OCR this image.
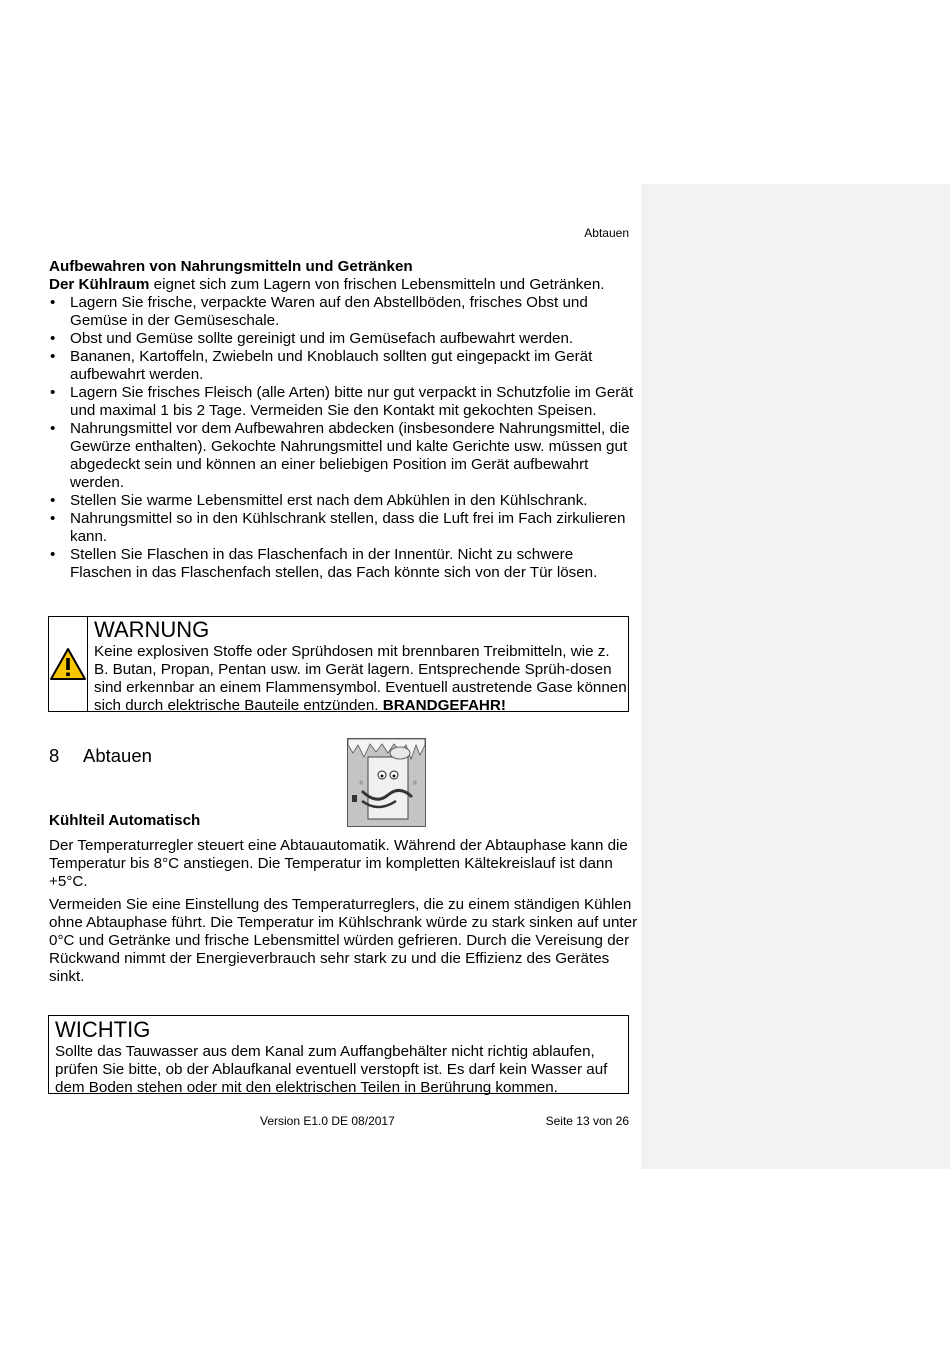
Abtauen

Aufbewahren von Nahrungsmitteln und Getränken

Der Kühlraum eignet sich zum Lagern von frischen Lebensmitteln und Getränken.

• Lagern Sie frische, verpackte Waren auf den Abstellböden, frisches Obst und Gemüse in der Gemüseschale.
• Obst und Gemüse sollte gereinigt und im Gemüsefach aufbewahrt werden.
• Bananen, Kartoffeln, Zwiebeln und Knoblauch sollten gut eingepackt im Gerät aufbewahrt werden.
• Lagern Sie frisches Fleisch (alle Arten) bitte nur gut verpackt in Schutzfolie im Gerät und maximal 1 bis 2 Tage. Vermeiden Sie den Kontakt mit gekochten Speisen.
• Nahrungsmittel vor dem Aufbewahren abdecken (insbesondere Nahrungsmittel, die Gewürze enthalten). Gekochte Nahrungsmittel und kalte Gerichte usw. müssen gut abgedeckt sein und können an einer beliebigen Position im Gerät aufbewahrt werden.
• Stellen Sie warme Lebensmittel erst nach dem Abkühlen in den Kühlschrank.
• Nahrungsmittel so in den Kühlschrank stellen, dass die Luft frei im Fach zirkulieren kann.
• Stellen Sie Flaschen in das Flaschenfach in der Innentür. Nicht zu schwere Flaschen in das Flaschenfach stellen, das Fach könnte sich von der Tür lösen.
WARNUNG
Keine explosiven Stoffe oder Sprühdosen mit brennbaren Treibmitteln, wie z. B. Butan, Propan, Pentan usw. im Gerät lagern. Entsprechende Sprüh-dosen sind erkennbar an einem Flammensymbol. Eventuell austretende Gase können sich durch elektrische Bauteile entzünden. BRANDGEFAHR!
8 Abtauen
®	®
Kühlteil Automatisch

Der Temperaturregler steuert eine Abtauautomatik. Während der Abtauphase kann die Temperatur bis 8°C anstiegen. Die Temperatur im kompletten Kältekreislauf ist dann +5°C.

Vermeiden Sie eine Einstellung des Temperaturreglers, die zu einem ständigen Kühlen ohne Abtauphase führt. Die Temperatur im Kühlschrank würde zu stark sinken auf unter 0°C und Getränke und frische Lebensmittel würden gefrieren. Durch die Vereisung der Rückwand nimmt der Energieverbrauch sehr stark zu und die Effizienz des Gerätes sinkt.

WICHTIG
Sollte das Tauwasser aus dem Kanal zum Auffangbehälter nicht richtig ablaufen, prüfen Sie bitte, ob der Ablaufkanal eventuell verstopft ist. Es darf kein Wasser auf dem Boden stehen oder mit den elektrischen Teilen in Berührung kommen.
Version E1.0 DE 08/2017	Seite 13 von 26
